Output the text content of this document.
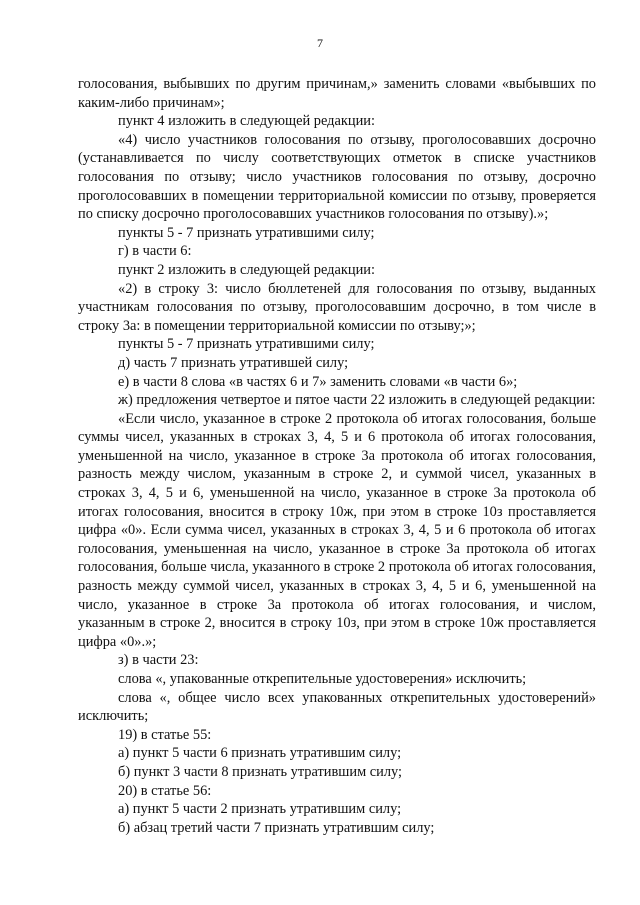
7

голосования, выбывших по другим причинам,» заменить словами «выбывших по каким-либо причинам»;

пункт 4 изложить в следующей редакции:

«4) число участников голосования по отзыву, проголосовавших досрочно (устанавливается по числу соответствующих отметок в списке участников голосования по отзыву; число участников голосования по отзыву, досрочно проголосовавших в помещении территориальной комиссии по отзыву, проверяется по списку досрочно проголосовавших участников голосования по отзыву).»;

пункты 5 - 7 признать утратившими силу;

г) в части 6:

пункт 2 изложить в следующей редакции:

«2) в строку 3: число бюллетеней для голосования по отзыву, выданных участникам голосования по отзыву, проголосовавшим досрочно, в том числе в строку 3а: в помещении территориальной комиссии по отзыву;»;

пункты 5 - 7 признать утратившими силу;

д) часть 7 признать утратившей силу;

е) в части 8 слова «в частях 6 и 7» заменить словами «в части 6»;

ж) предложения четвертое и пятое части 22 изложить в следующей редакции:

«Если число, указанное в строке 2 протокола об итогах голосования, больше суммы чисел, указанных в строках 3, 4, 5 и 6 протокола об итогах голосования, уменьшенной на число, указанное в строке 3а протокола об итогах голосования, разность между числом, указанным в строке 2, и суммой чисел, указанных в строках 3, 4, 5 и 6, уменьшенной на число, указанное в строке 3а протокола об итогах голосования, вносится в строку 10ж, при этом в строке 10з проставляется цифра «0». Если сумма чисел, указанных в строках 3, 4, 5 и 6 протокола об итогах голосования, уменьшенная на число, указанное в строке 3а протокола об итогах голосования, больше числа, указанного в строке 2 протокола об итогах голосования, разность между суммой чисел, указанных в строках 3, 4, 5 и 6, уменьшенной на число, указанное в строке 3а протокола об итогах голосования, и числом, указанным в строке 2, вносится в строку 10з, при этом в строке 10ж проставляется цифра «0».»;

з) в части 23:

слова «, упакованные открепительные удостоверения» исключить;

слова «, общее число всех упакованных открепительных удостоверений» исключить;

19) в статье 55:

а) пункт 5 части 6 признать утратившим силу;

б) пункт 3 части 8 признать утратившим силу;

20) в статье 56:

а) пункт 5 части 2 признать утратившим силу;

б) абзац третий части 7 признать утратившим силу;
